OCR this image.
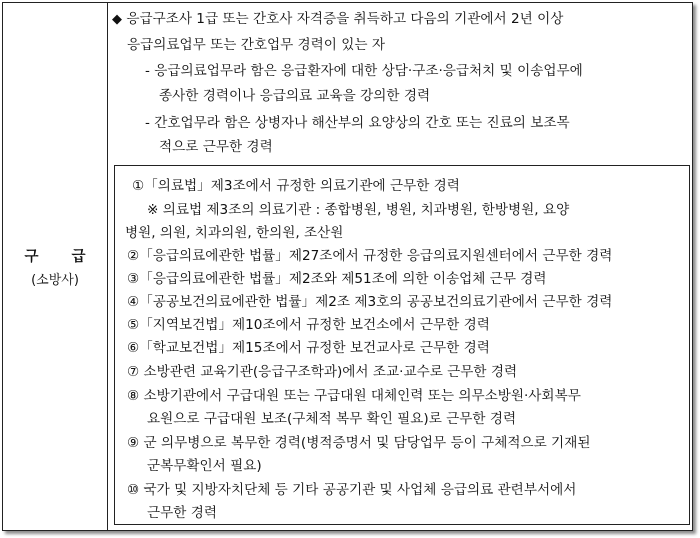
구 급
(소방사)
◆ 응급구조사 1급 또는 간호사 자격증을 취득하고 다음의 기관에서 2년 이상
응급의료업무 또는 간호업무 경력이 있는 자
- 응급의료업무라 함은 응급환자에 대한 상담·구조·응급처치 및 이송업무에
종사한 경력이나 응급의료 교육을 강의한 경력
- 간호업무라 함은 상병자나 해산부의 요양상의 간호 또는 진료의 보조목
적으로 근무한 경력
①「의료법」제3조에서 규정한 의료기관에 근무한 경력
※ 의료법 제3조의 의료기관 : 종합병원, 병원, 치과병원, 한방병원, 요양
병원, 의원, 치과의원, 한의원, 조산원
②「응급의료에관한 법률」제27조에서 규정한 응급의료지원센터에서 근무한 경력
③「응급의료에관한 법률」제2조와 제51조에 의한 이송업체 근무 경력
④「공공보건의료에관한 법률」제2조 제3호의 공공보건의료기관에서 근무한 경력
⑤「지역보건법」제10조에서 규정한 보건소에서 근무한 경력
⑥「학교보건법」제15조에서 규정한 보건교사로 근무한 경력
⑦ 소방관련 교육기관(응급구조학과)에서 조교·교수로 근무한 경력
⑧ 소방기관에서 구급대원 또는 구급대원 대체인력 또는 의무소방원·사회복무
요원으로 구급대원 보조(구체적 복무 확인 필요)로 근무한 경력
⑨ 군 의무병으로 복무한 경력(병적증명서 및 담당업무 등이 구체적으로 기재된
군복무확인서 필요)
⑩ 국가 및 지방자치단체 등 기타 공공기관 및 사업체 응급의료 관련부서에서
근무한 경력
